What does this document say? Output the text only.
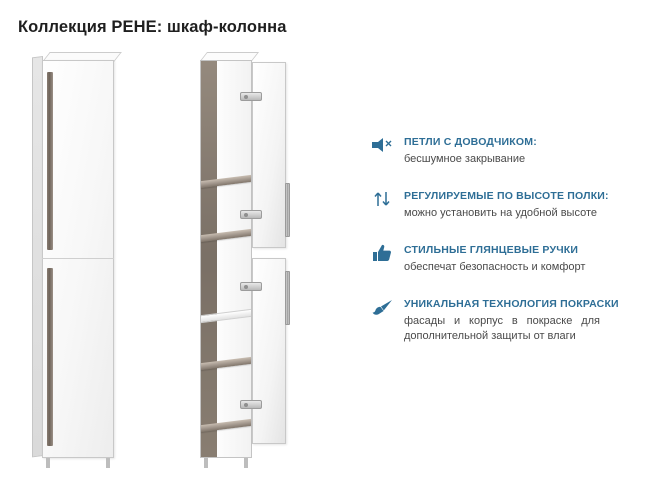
Коллекция РЕНЕ: шкаф-колонна
ПЕТЛИ С ДОВОДЧИКОМ:
бесшумное закрывание
РЕГУЛИРУЕМЫЕ ПО ВЫСОТЕ ПОЛКИ:
можно установить на удобной высоте
СТИЛЬНЫЕ ГЛЯНЦЕВЫЕ РУЧКИ
обеспечат безопасность и комфорт
УНИКАЛЬНАЯ ТЕХНОЛОГИЯ ПОКРАСКИ
фасады и корпус в покраске для дополнительной защиты от влаги
